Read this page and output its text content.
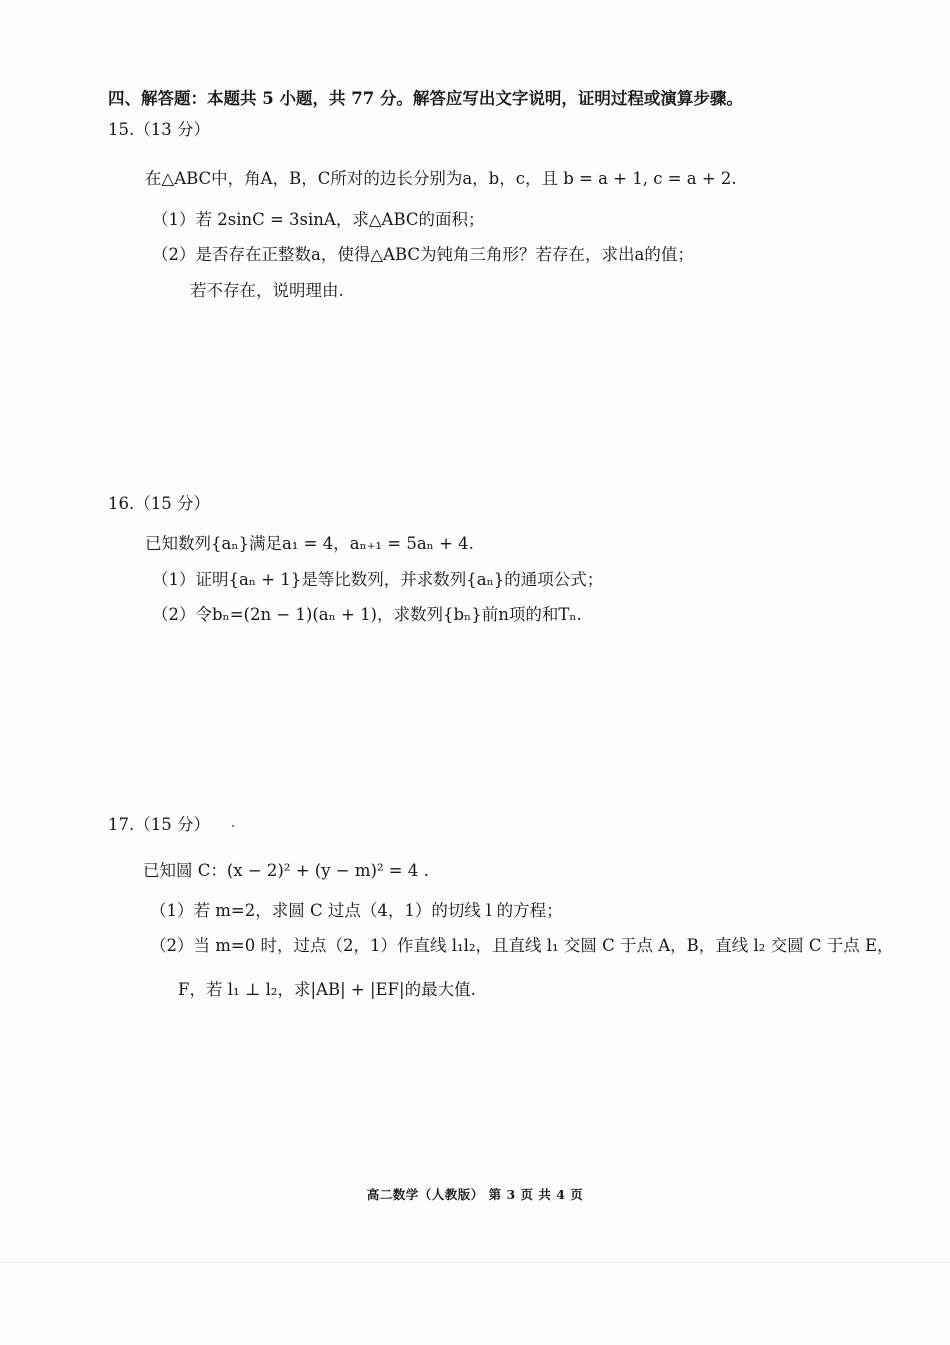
四、解答题：本题共 5 小题，共 77 分。解答应写出文字说明，证明过程或演算步骤。
15.（13 分）
在△ABC中，角A，B，C所对的边长分别为a，b，c，且 b = a + 1, c = a + 2.
（1）若 2sinC = 3sinA，求△ABC的面积；
（2）是否存在正整数a，使得△ABC为钝角三角形？若存在，求出a的值；
若不存在，说明理由.
16.（15 分）
已知数列{aₙ}满足a₁ = 4，aₙ₊₁ = 5aₙ + 4.
（1）证明{aₙ + 1}是等比数列，并求数列{aₙ}的通项公式；
（2）令bₙ=(2n − 1)(aₙ + 1)，求数列{bₙ}前n项的和Tₙ.
17.（15 分）
已知圆 C：(x − 2)² + (y − m)² = 4 .
（1）若 m=2，求圆 C 过点（4，1）的切线 l 的方程；
（2）当 m=0 时，过点（2，1）作直线 l₁l₂，且直线 l₁ 交圆 C 于点 A，B，直线 l₂ 交圆 C 于点 E，
F，若 l₁ ⊥ l₂，求|AB| + |EF|的最大值.
高二数学（人教版） 第 3 页 共 4 页
